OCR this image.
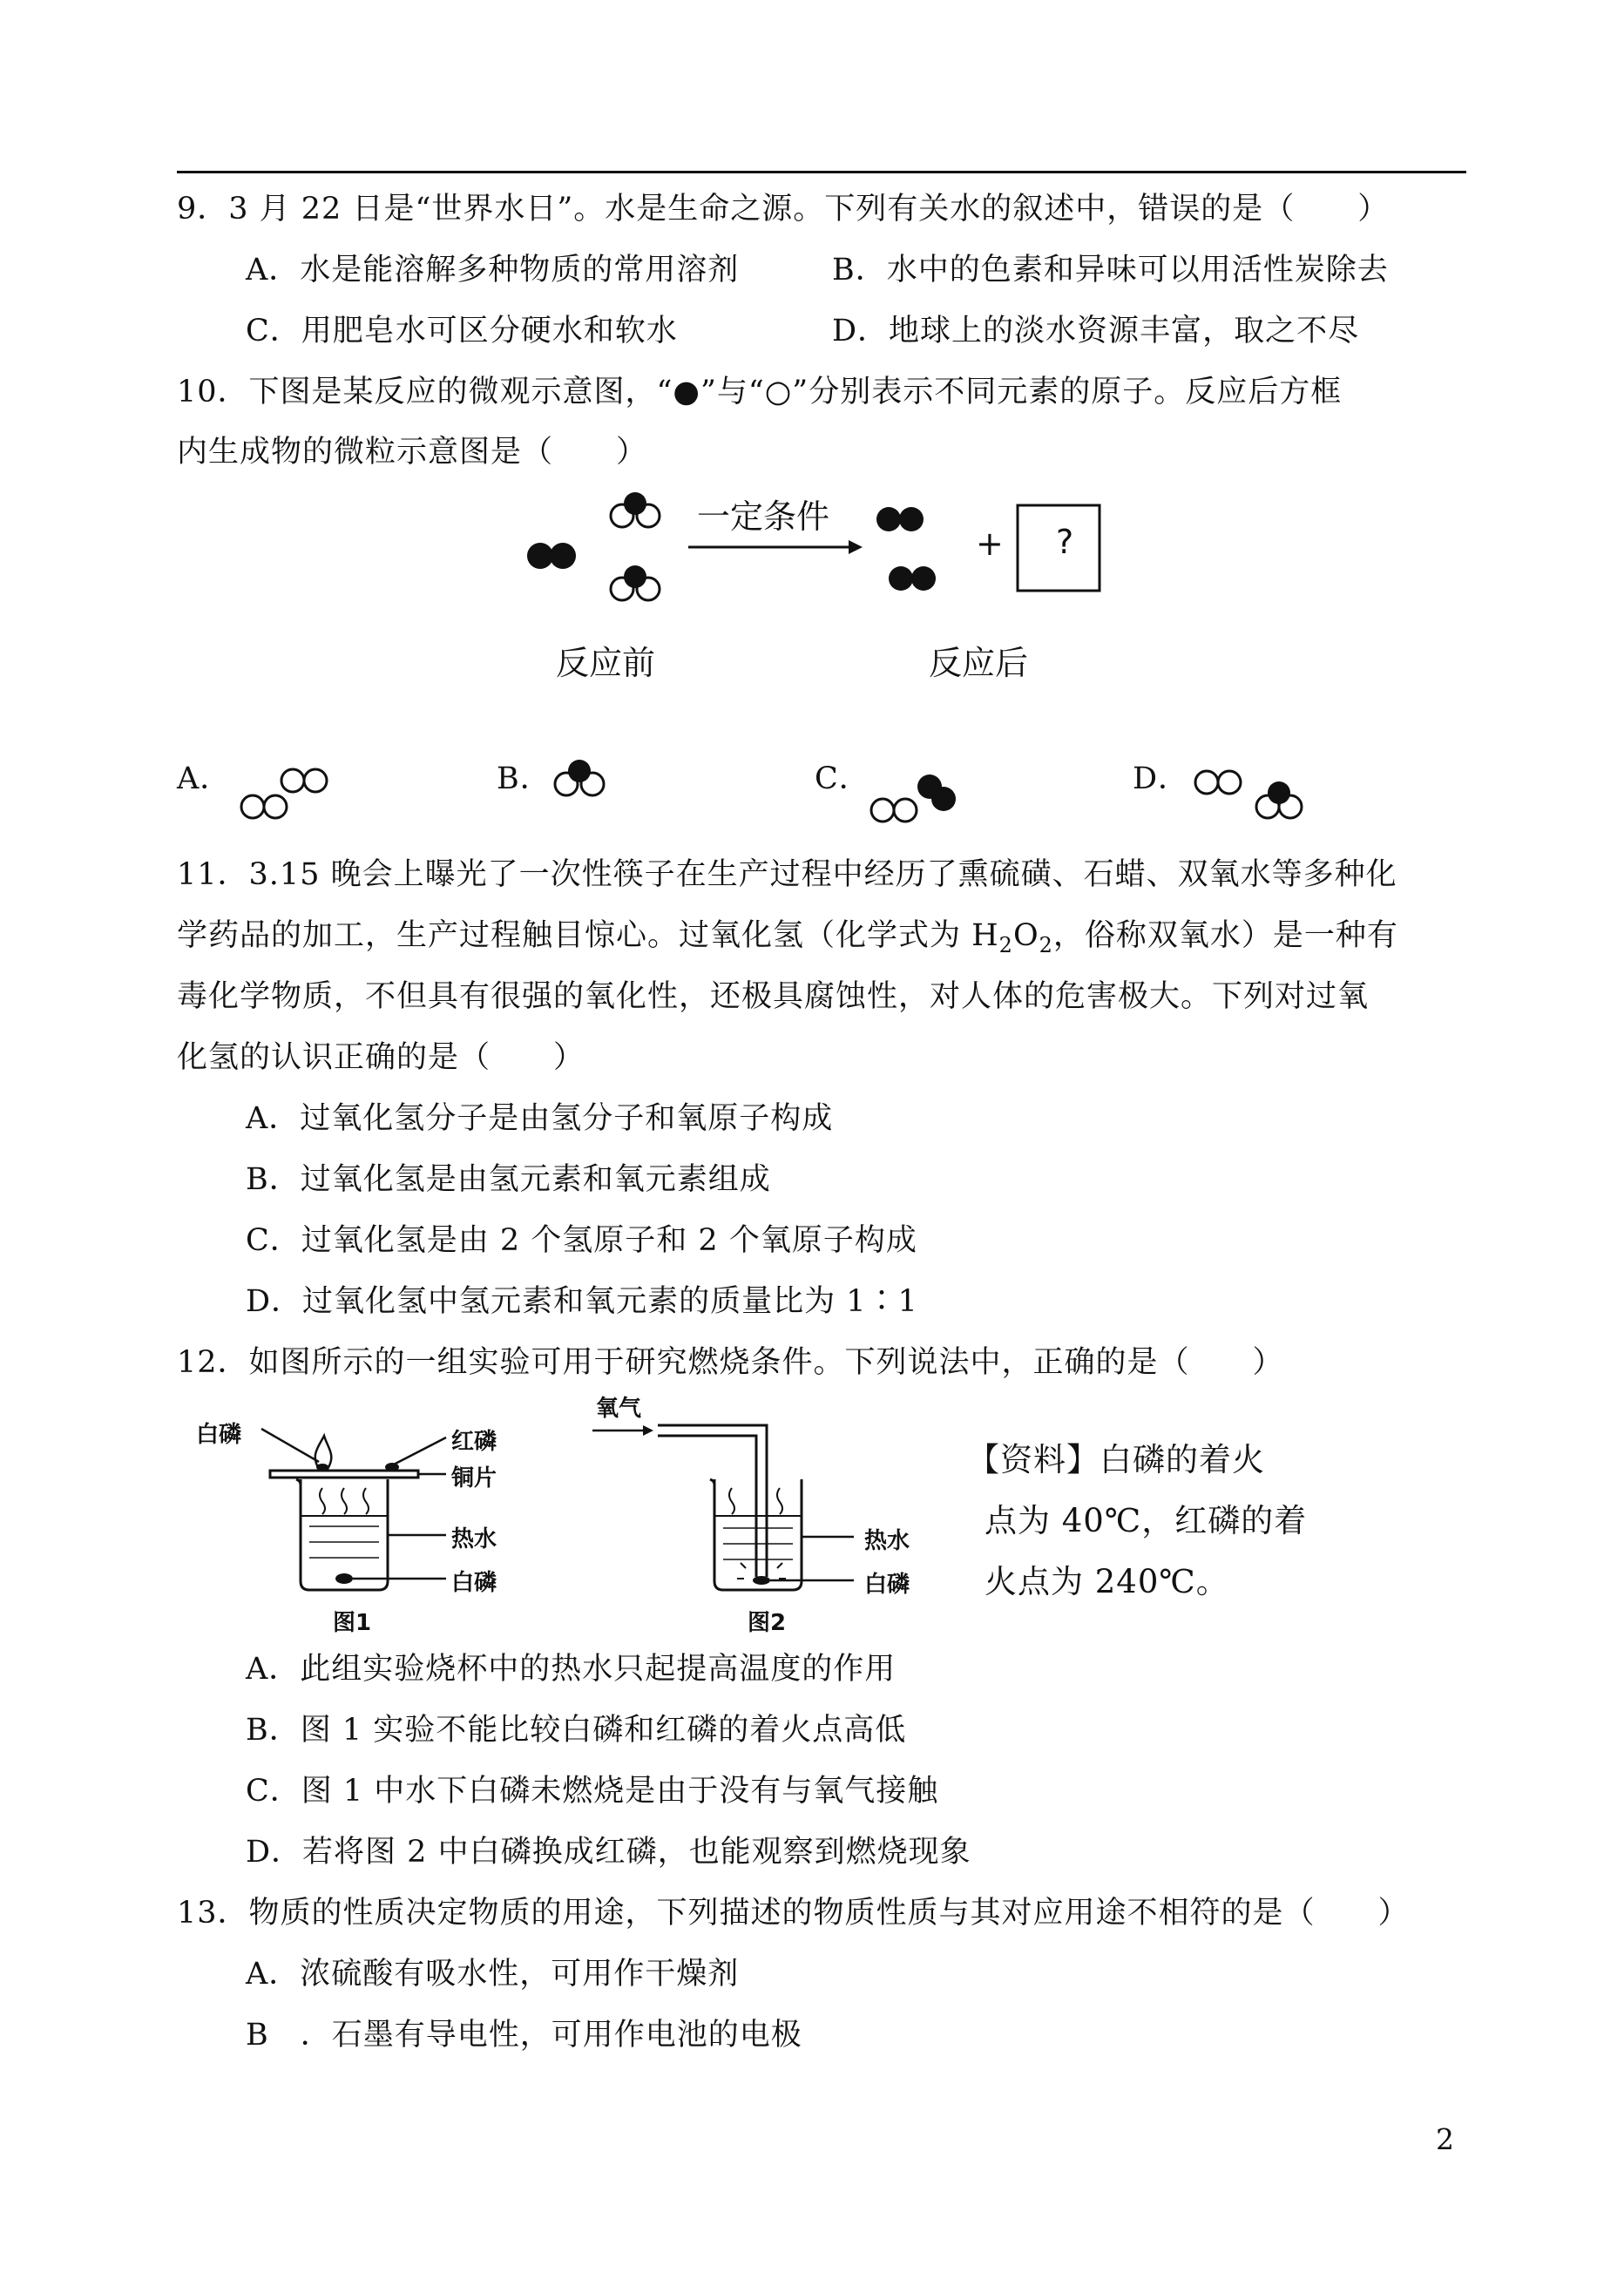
9．3 月 22 日是“世界水日”。水是生命之源。下列有关水的叙述中，错误的是（　　）
A．水是能溶解多种物质的常用溶剂	B．水中的色素和异味可以用活性炭除去
C．用肥皂水可区分硬水和软水	D．地球上的淡水资源丰富，取之不尽
10．下图是某反应的微观示意图，“●”与“○”分别表示不同元素的原子。反应后方框
内生成物的微粒示意图是（　　）
一定条件
+ ?
反应前	反应后
A．	B．	C．	D．
11．3.15 晚会上曝光了一次性筷子在生产过程中经历了熏硫磺、石蜡、双氧水等多种化
学药品的加工，生产过程触目惊心。过氧化氢（化学式为 $H_2O_2$，俗称双氧水）是一种有
毒化学物质，不但具有很强的氧化性，还极具腐蚀性，对人体的危害极大。下列对过氧
化氢的认识正确的是（　　）
A．过氧化氢分子是由氢分子和氧原子构成
B．过氧化氢是由氢元素和氧元素组成
C．过氧化氢是由 2 个氢原子和 2 个氧原子构成
D．过氧化氢中氢元素和氧元素的质量比为 1∶1
12．如图所示的一组实验可用于研究燃烧条件。下列说法中，正确的是（　　）
白磷	红磷
铜片
热水
白磷
图1
氧气
热水
白磷
图2
【资料】白磷的着火
点为 40℃，红磷的着
火点为 240℃。
A．此组实验烧杯中的热水只起提高温度的作用
B．图 1 实验不能比较白磷和红磷的着火点高低
C．图 1 中水下白磷未燃烧是由于没有与氧气接触
D．若将图 2 中白磷换成红磷，也能观察到燃烧现象
13．物质的性质决定物质的用途，下列描述的物质性质与其对应用途不相符的是（　　）
A．浓硫酸有吸水性，可用作干燥剂
B　．石墨有导电性，可用作电池的电极
2
